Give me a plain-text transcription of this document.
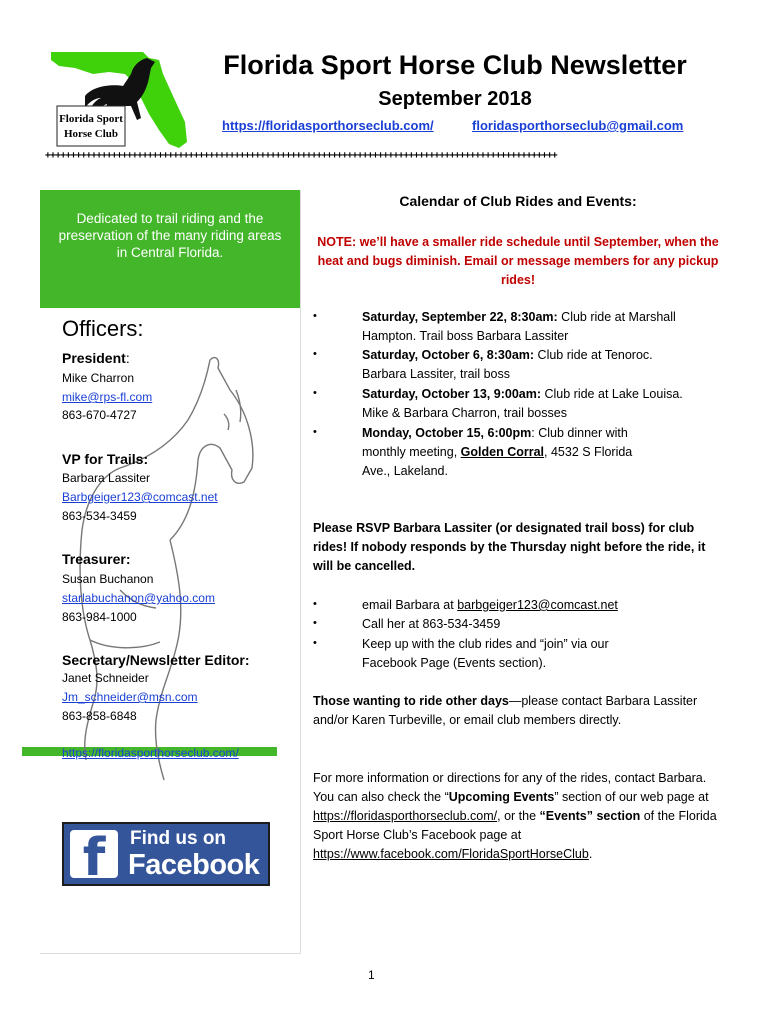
Florida Sport
Horse Club
Florida Sport Horse Club Newsletter
September 2018
https://floridasporthorseclub.com/	floridasporthorseclub@gmail.com
++++++++++++++++++++++++++++++++++++++++++++++++++++++++++++++++++++++++++++++++++++++++++++++++++++
Dedicated to trail riding and the preservation of the many riding areas in Central Florida.
Officers:
President:
Mike Charron
mike@rps-fl.com
863-670-4727
VP for Trails:
Barbara Lassiter
Barbgeiger123@comcast.net
863-534-3459
Treasurer:
Susan Buchanon
starlabuchanon@yahoo.com
863-984-1000
Secretary/Newsletter Editor:
Janet Schneider
Jm_schneider@msn.com
863-858-6848
https://floridasporthorseclub.com/
f	Find us on
Facebook
Calendar of Club Rides and Events:
NOTE: we’ll have a smaller ride schedule until September, when the heat and bugs diminish. Email or message members for any pickup rides!
•	Saturday, September 22, 8:30am: Club ride at Marshall
Hampton. Trail boss Barbara Lassiter
•	Saturday, October 6, 8:30am: Club ride at Tenoroc.
Barbara Lassiter, trail boss
•	Saturday, October 13, 9:00am: Club ride at Lake Louisa.
Mike & Barbara Charron, trail bosses
•	Monday, October 15, 6:00pm: Club dinner with
monthly meeting, Golden Corral, 4532 S Florida
Ave., Lakeland.
Please RSVP Barbara Lassiter (or designated trail boss) for club rides! If nobody responds by the Thursday night before the ride, it will be cancelled.
•	email Barbara at barbgeiger123@comcast.net
•	Call her at 863-534-3459
•	Keep up with the club rides and “join” via our
Facebook Page (Events section).
Those wanting to ride other days—please contact Barbara Lassiter and/or Karen Turbeville, or email club members directly.
For more information or directions for any of the rides, contact Barbara. You can also check the “Upcoming Events” section of our web page at https://floridasporthorseclub.com/, or the “Events” section of the Florida Sport Horse Club’s Facebook page at https://www.facebook.com/FloridaSportHorseClub.
1
